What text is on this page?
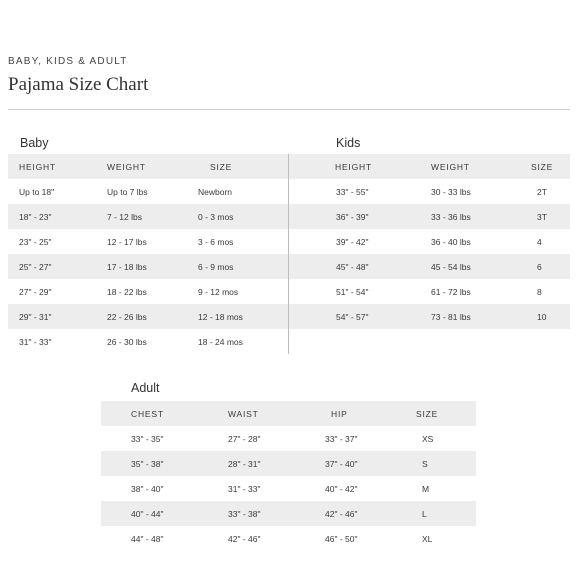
BABY, KIDS & ADULT
Pajama Size Chart
Baby
HEIGHT	WEIGHT	SIZE
Up to 18"	Up to 7 lbs	Newborn
18" - 23"	7 - 12 lbs	0 - 3 mos
23" - 25"	12 - 17 lbs	3 - 6 mos
25" - 27"	17 - 18 lbs	6 - 9 mos
27" - 29"	18 - 22 lbs	9 - 12 mos
29" - 31"	22 - 26 lbs	12 - 18 mos
31" - 33"	26 - 30 lbs	18 - 24 mos
Kids
HEIGHT	WEIGHT	SIZE
33" - 55"	30 - 33 lbs	2T
36" - 39"	33 - 36 lbs	3T
39" - 42"	36 - 40 lbs	4
45" - 48"	45 - 54 lbs	6
51" - 54"	61 - 72 lbs	8
54" - 57"	73 - 81 lbs	10
Adult
CHEST	WAIST	HIP	SIZE
33" - 35"	27" - 28"	33" - 37"	XS
35" - 38"	28" - 31"	37" - 40"	S
38" - 40"	31" - 33"	40" - 42"	M
40" - 44"	33" - 38"	42" - 46"	L
44" - 48"	42" - 46"	46" - 50"	XL
